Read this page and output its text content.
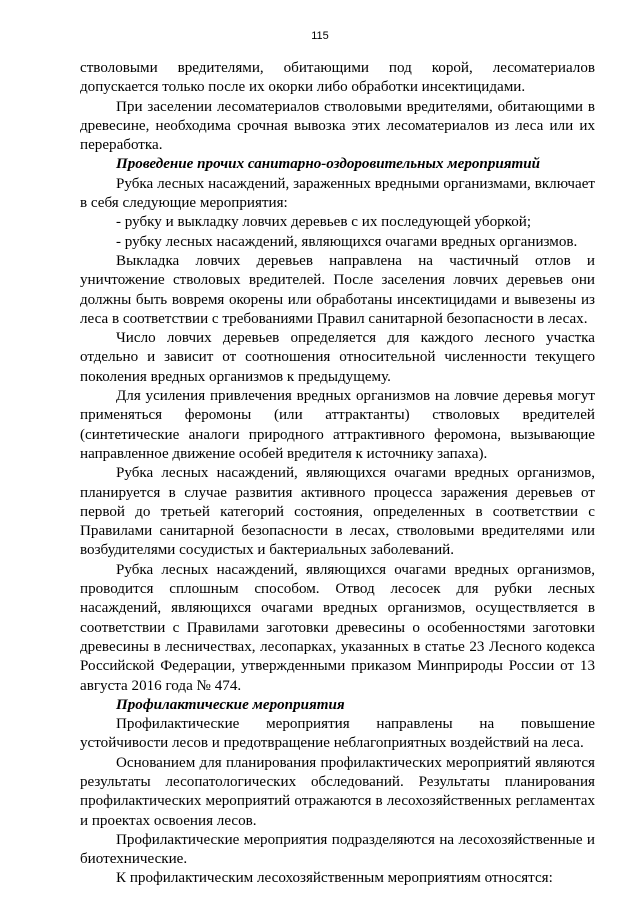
115

стволовыми вредителями, обитающими под корой, лесоматериалов допускается только после их окорки либо обработки инсектицидами.

При заселении лесоматериалов стволовыми вредителями, обитающими в древесине, необходима срочная вывозка этих лесоматериалов из леса или их переработка.

Проведение прочих санитарно-оздоровительных мероприятий

Рубка лесных насаждений, зараженных вредными организмами, включает в себя следующие мероприятия:

- рубку и выкладку ловчих деревьев с их последующей уборкой;

- рубку лесных насаждений, являющихся очагами вредных организмов.

Выкладка ловчих деревьев направлена на частичный отлов и уничтожение стволовых вредителей. После заселения ловчих деревьев они должны быть вовремя окорены или обработаны инсектицидами и вывезены из леса в соответствии с требованиями Правил санитарной безопасности в лесах.

Число ловчих деревьев определяется для каждого лесного участка отдельно и зависит от соотношения относительной численности текущего поколения вредных организмов к предыдущему.

Для усиления привлечения вредных организмов на ловчие деревья могут применяться феромоны (или аттрактанты) стволовых вредителей (синтетические аналоги природного аттрактивного феромона, вызывающие направленное движение особей вредителя к источнику запаха).

Рубка лесных насаждений, являющихся очагами вредных организмов, планируется в случае развития активного процесса заражения деревьев от первой до третьей категорий состояния, определенных в соответствии с Правилами санитарной безопасности в лесах, стволовыми вредителями или возбудителями сосудистых и бактериальных заболеваний.

Рубка лесных насаждений, являющихся очагами вредных организмов, проводится сплошным способом. Отвод лесосек для рубки лесных насаждений, являющихся очагами вредных организмов, осуществляется в соответствии с Правилами заготовки древесины о особенностями заготовки древесины в лесничествах, лесопарках, указанных в статье 23 Лесного кодекса Российской Федерации, утвержденными приказом Минприроды России от 13 августа 2016 года № 474.

Профилактические мероприятия

Профилактические мероприятия направлены на повышение устойчивости лесов и предотвращение неблагоприятных воздействий на леса.

Основанием для планирования профилактических мероприятий являются результаты лесопатологических обследований. Результаты планирования профилактических мероприятий отражаются в лесохозяйственных регламентах и проектах освоения лесов.

Профилактические мероприятия подразделяются на лесохозяйственные и биотехнические.

К профилактическим лесохозяйственным мероприятиям относятся:
